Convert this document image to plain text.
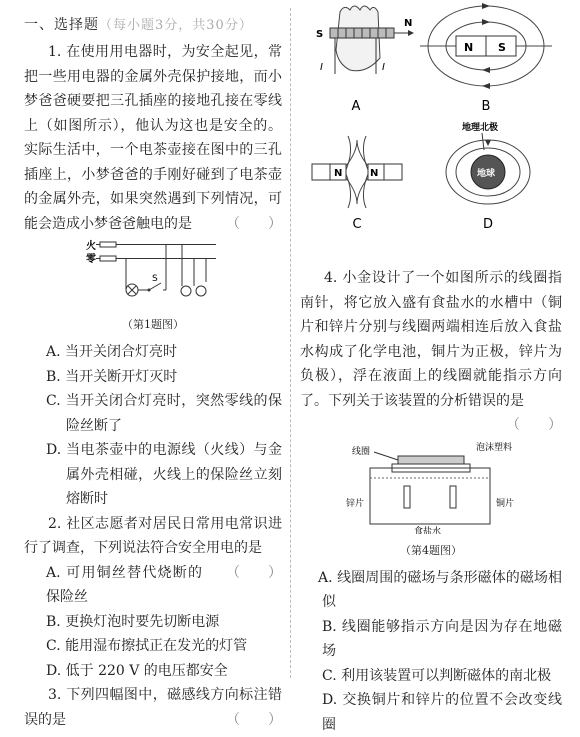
一、选择题（每小题3分，共30分）

1. 在使用用电器时，为安全起见，常把一些用电器的金属外壳保护接地，而小梦爸爸硬要把三孔插座的接地孔接在零线上（如图所示），他认为这也是安全的。实际生活中，一个电茶壶接在图中的三孔插座上，小梦爸爸的手刚好碰到了电茶壶的金属外壳，如果突然遇到下列情况，可能会造成小梦爸爸触电的是	（　　）

火
零
S
（第1题图）

A. 当开关闭合灯亮时

B. 当开关断开灯灭时

C. 当开关闭合灯亮时，突然零线的保险丝断了

D. 当电茶壶中的电源线（火线）与金属外壳相碰，火线上的保险丝立刻熔断时

2. 社区志愿者对居民日常用电常识进行了调查，下列说法符合安全用电的是
（　　）

A. 可用铜丝替代烧断的保险丝

B. 更换灯泡时要先切断电源

C. 能用湿布擦拭正在发光的灯管

D. 低于 220 V 的电压都安全

3. 下列四幅图中，磁感线方向标注错误的是	（　　）

S
N
I	I
A
N S
B
N	N
C
地理北极
地球
D

4. 小金设计了一个如图所示的线圈指南针，将它放入盛有食盐水的水槽中（铜片和锌片分别与线圈两端相连后放入食盐水构成了化学电池，铜片为正极，锌片为负极），浮在液面上的线圈就能指示方向了。下列关于该装置的分析错误的是
（　　）

线圈	泡沫塑料
锌片	铜片
食盐水
（第4题图）

A. 线圈周围的磁场与条形磁体的磁场相似

B. 线圈能够指示方向是因为存在地磁场

C. 利用该装置可以判断磁体的南北极

D. 交换铜片和锌片的位置不会改变线圈
